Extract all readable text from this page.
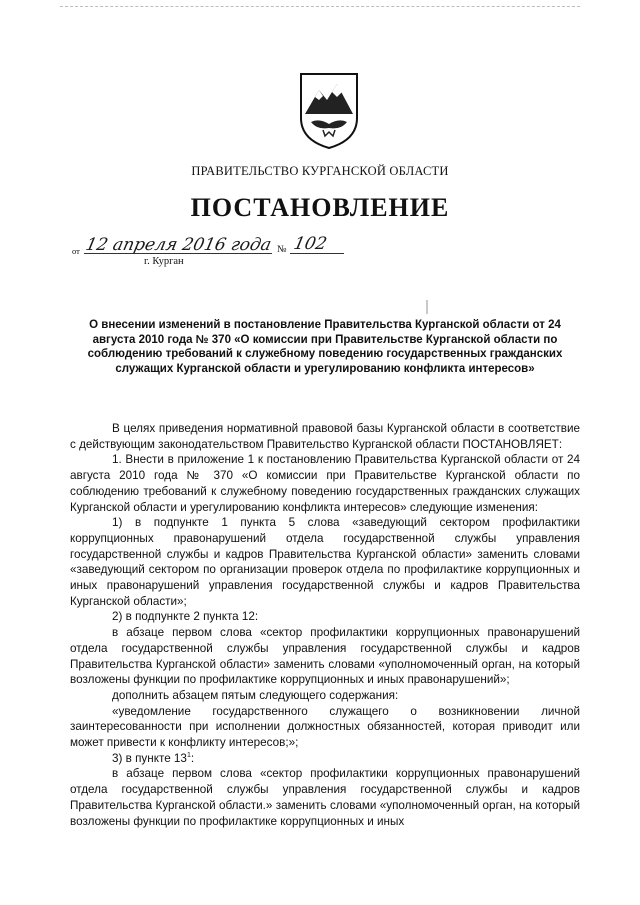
ПРАВИТЕЛЬСТВО КУРГАНСКОЙ ОБЛАСТИ
ПОСТАНОВЛЕНИЕ
от 12 апреля 2016 года № 102
г. Курган
О внесении изменений в постановление Правительства Курганской области от 24 августа 2010 года № 370 «О комиссии при Правительстве Курганской области по соблюдению требований к служебному поведению государственных гражданских служащих Курганской области и урегулированию конфликта интересов»

В целях приведения нормативной правовой базы Курганской области в соответствие с действующим законодательством Правительство Курганской области ПОСТАНОВЛЯЕТ:

1. Внести в приложение 1 к постановлению Правительства Курганской области от 24 августа 2010 года № 370 «О комиссии при Правительстве Курганской области по соблюдению требований к служебному поведению государственных гражданских служащих Курганской области и урегулированию конфликта интересов» следующие изменения:

1) в подпункте 1 пункта 5 слова «заведующий сектором профилактики коррупционных правонарушений отдела государственной службы управления государственной службы и кадров Правительства Курганской области» заменить словами «заведующий сектором по организации проверок отдела по профилактике коррупционных и иных правонарушений управления государственной службы и кадров Правительства Курганской области»;

2) в подпункте 2 пункта 12:

в абзаце первом слова «сектор профилактики коррупционных правонарушений отдела государственной службы управления государственной службы и кадров Правительства Курганской области» заменить словами «уполномоченный орган, на который возложены функции по профилактике коррупционных и иных правонарушений»;

дополнить абзацем пятым следующего содержания:

«уведомление государственного служащего о возникновении личной заинтересованности при исполнении должностных обязанностей, которая приводит или может привести к конфликту интересов;»;

3) в пункте $13^1$:

в абзаце первом слова «сектор профилактики коррупционных правонарушений отдела государственной службы управления государственной службы и кадров Правительства Курганской области.» заменить словами «уполномоченный орган, на который возложены функции по профилактике коррупционных и иных
